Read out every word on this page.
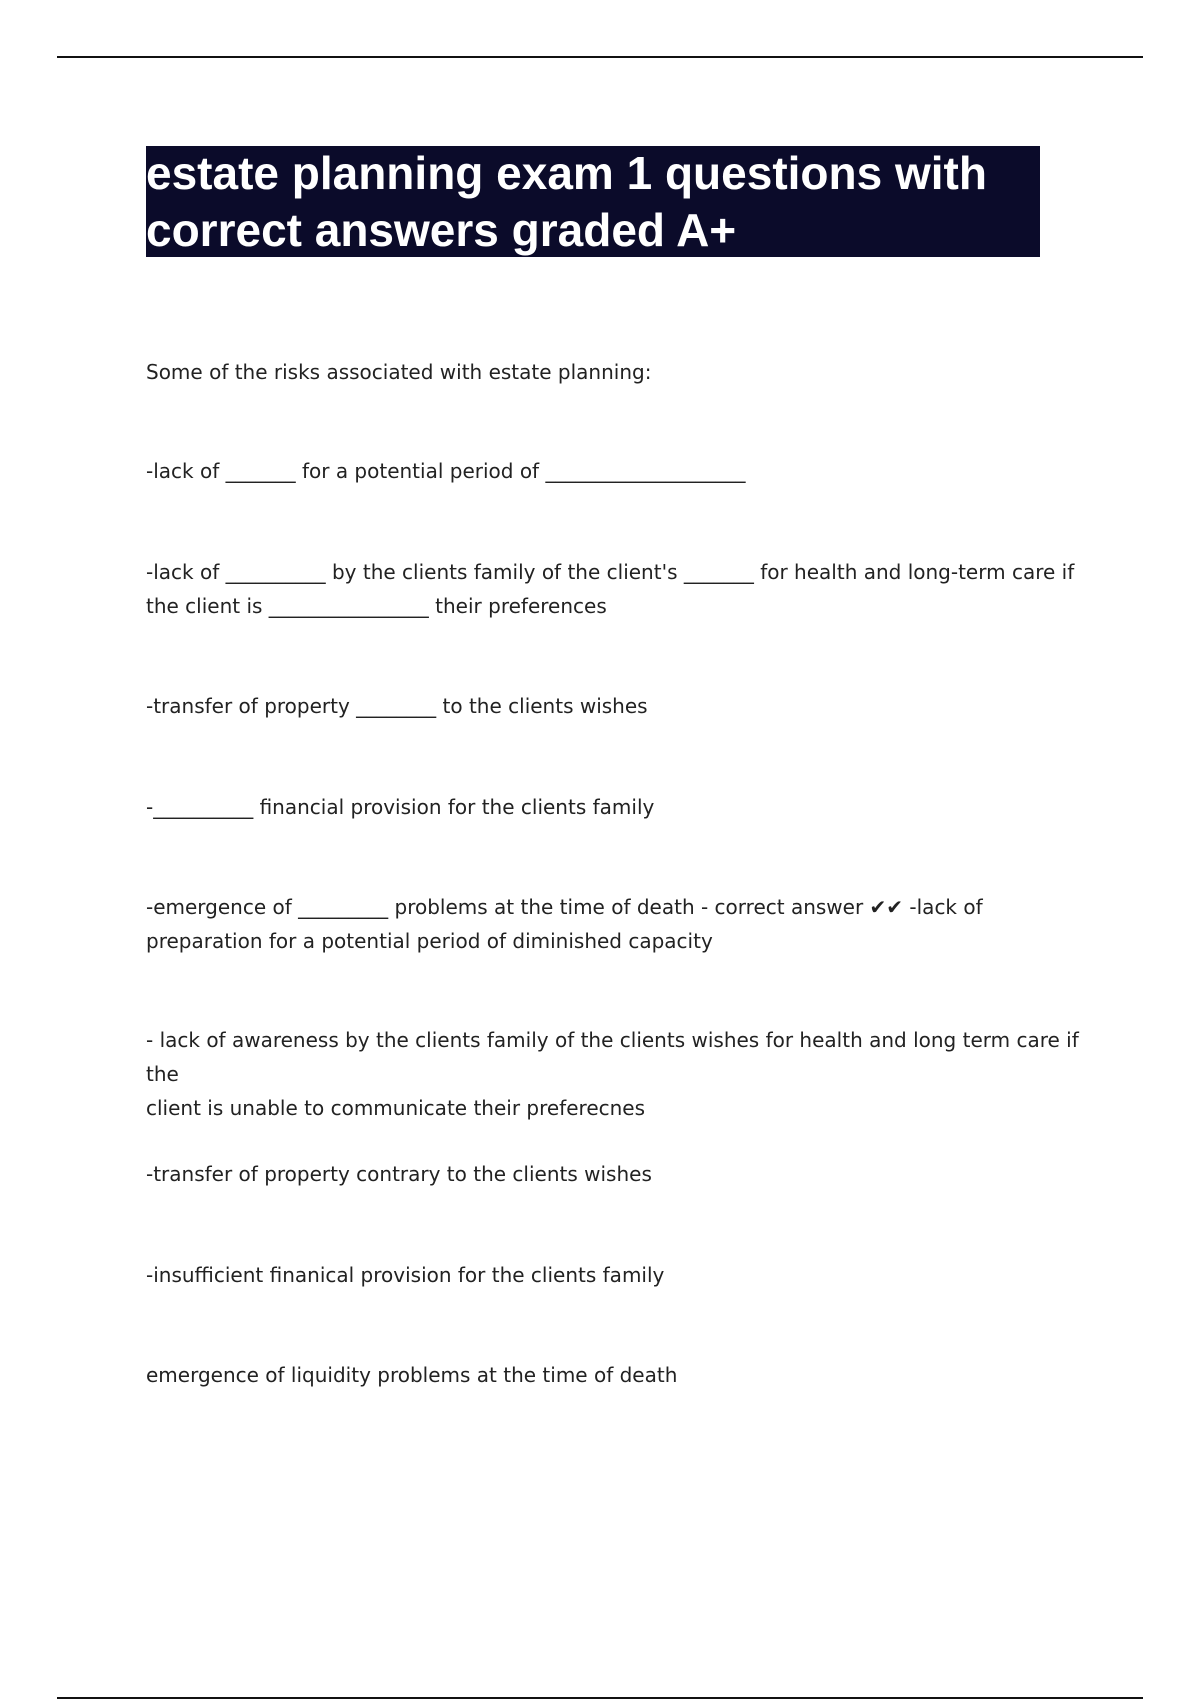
estate planning exam 1 questions with
correct answers graded A+

Some of the risks associated with estate planning:

-lack of _______ for a potential period of ____________________

-lack of __________ by the clients family of the client's _______ for health and long-term care if
the client is ________________ their preferences

-transfer of property ________ to the clients wishes

-__________ financial provision for the clients family

-emergence of _________ problems at the time of death - correct answer ✔✔ -lack of
preparation for a potential period of diminished capacity

- lack of awareness by the clients family of the clients wishes for health and long term care if the
client is unable to communicate their preferecnes

-transfer of property contrary to the clients wishes

-insufficient finanical provision for the clients family

emergence of liquidity problems at the time of death
